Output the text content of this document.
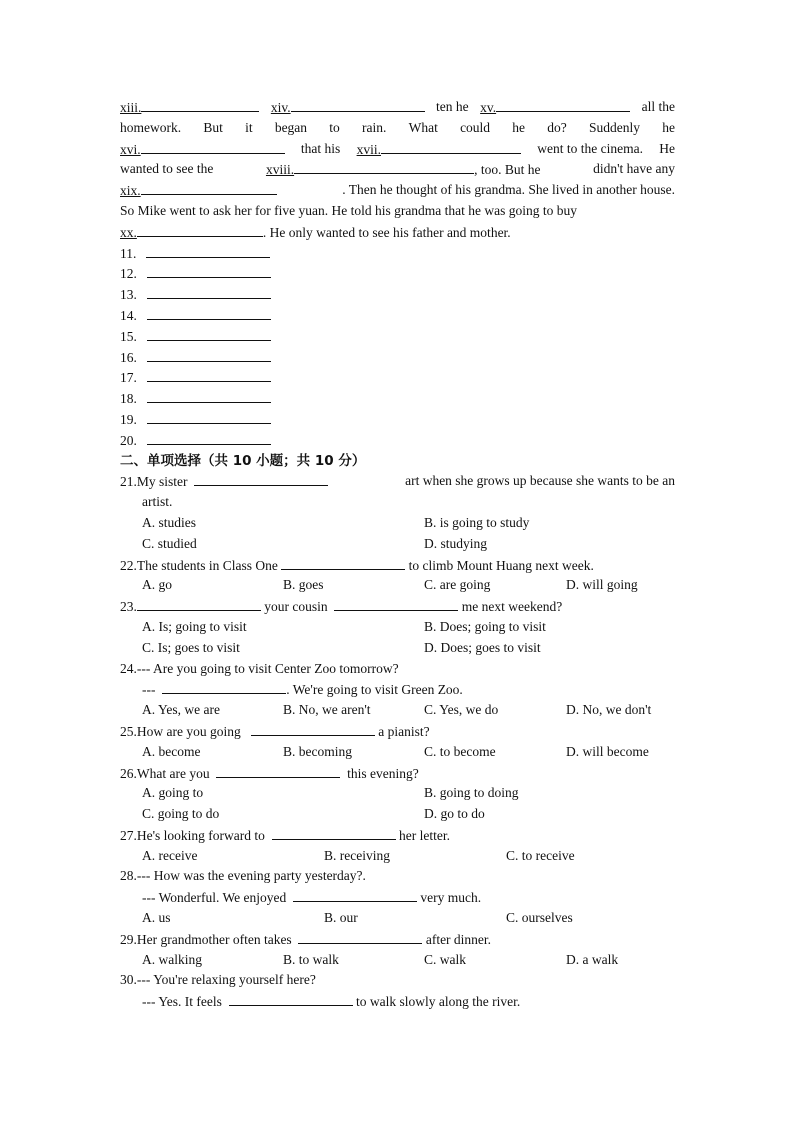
xiii.	xiv.	ten he xv.	all the
homework. But it began to rain. What could he do? Suddenly he
xvi.	that his xvii.	went to the cinema. He
wanted to see the	xviii.	, too. But he	didn't have any
xix.	. Then he thought of his grandma. She lived in another house.
So Mike went to ask her for five yuan. He told his grandma that he was going to buy
xx.	. He only wanted to see his father and mother.
11.
12.
13.
14.
15.
16.
17.
18.
19.
20.
二、单项选择（共 10 小题；共 10 分）
21.My sister	art when she grows up because she wants to be an
artist.
A. studies	B. is going to study
C. studied	D. studying
22.The students in Class One	to climb Mount Huang next week.
A. go	B. goes	C. are going	D. will going
23.	your cousin	me next weekend?
A. Is; going to visit	B. Does; going to visit
C. Is; goes to visit	D. Does; goes to visit
24.--- Are you going to visit Center Zoo tomorrow?
---	. We're going to visit Green Zoo.
A. Yes, we are	B. No, we aren't	C. Yes, we do	D. No, we don't
25.How are you going	a pianist?
A. become	B. becoming	C. to become	D. will become
26.What are you	this evening?
A. going to	B. going to doing
C. going to do	D. go to do
27.He's looking forward to	her letter.
A. receive	B. receiving	C. to receive
28.--- How was the evening party yesterday?.
--- Wonderful. We enjoyed	very much.
A. us	B. our	C. ourselves
29.Her grandmother often takes	after dinner.
A. walking	B. to walk	C. walk	D. a walk
30.--- You're relaxing yourself here?
--- Yes. It feels	to walk slowly along the river.
